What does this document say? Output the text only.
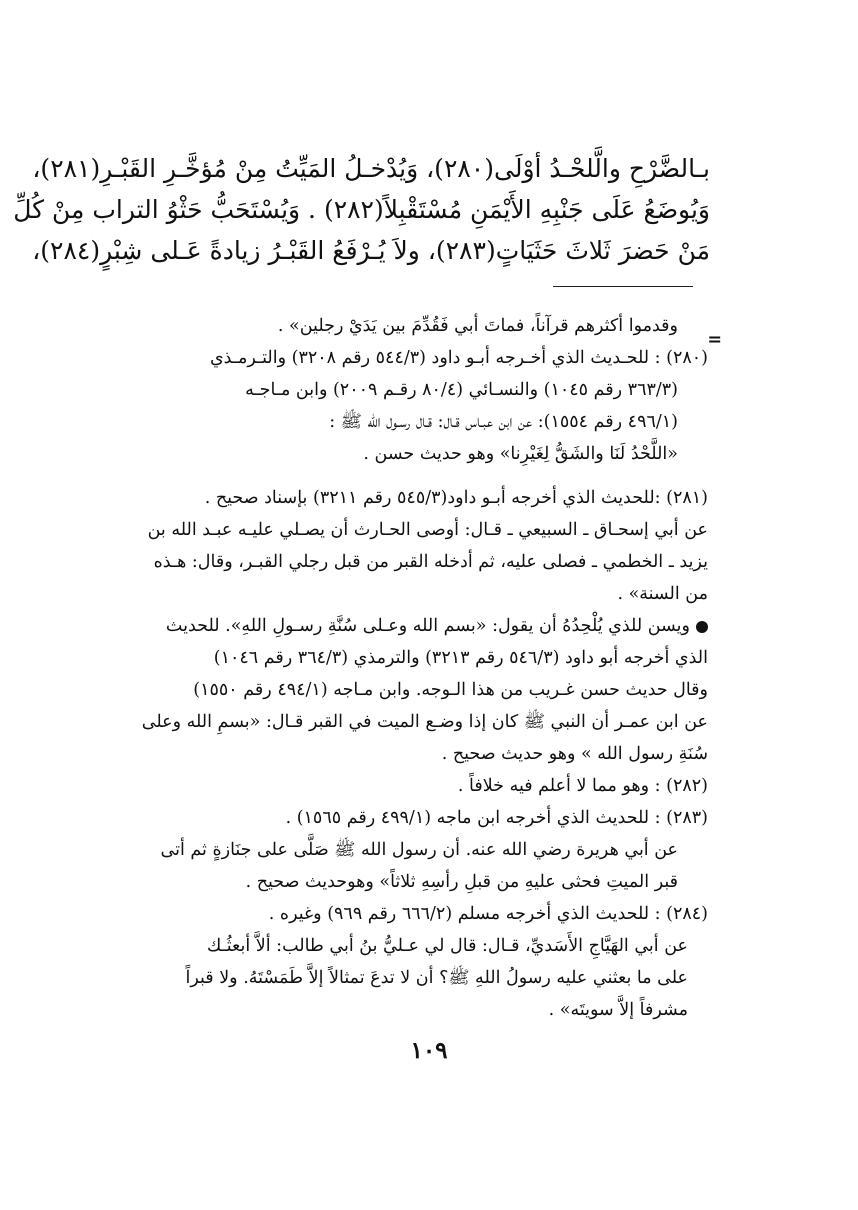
بـالضَّرْحِ والَّلحْـدُ أوْلَى(٢٨٠)، وَيُدْخـلُ المَيِّتُ مِنْ مُؤخَّـرِ القَبْـرِ(٢٨١)،
وَيُوضَعُ عَلَى جَنْبِهِ الأَيْمَنِ مُسْتَقْبِلاً(٢٨٢) . وَيُسْتَحَبُّ حَثْوُ التراب مِنْ كُلِّ
مَنْ حَضرَ ثَلاثَ حَثَيَاتٍ(٢٨٣)، ولاَ يُـرْفَعُ القَبْـرُ زيادةً عَـلى شِبْرٍ(٢٨٤)،
=
وقدموا أكثرهم قرآناً، فماتَ أبي فَقُدِّمَ بين يَدَيْ رجلين» .
(٢٨٠) : للحـديث الذي أخـرجه أبـو داود (٥٤٤/٣ رقم ٣٢٠٨) والتـرمـذي
(٣٦٣/٣ رقم ١٠٤٥) والنسـائي (٨٠/٤ رقـم ٢٠٠٩) وابن مـاجـه
(٤٩٦/١ رقم ١٥٥٤): عن ابن عبـاس قـال: قـال رسـول الله ﷺ :
«اللَّحْدُ لَنَا والشَقُّ لِغَيْرِنا» وهو حديث حسن .
(٢٨١) :للحديث الذي أخرجه أبـو داود(٥٤٥/٣ رقم ٣٢١١) بإسناد صحيح .
عن أبي إسحـاق ـ السبيعي ـ قـال: أوصى الحـارث أن يصـلي عليـه عبـد الله بن
يزيد ـ الخطمي ـ فصلى عليه، ثم أدخله القبر من قبل رجلي القبـر، وقال: هـذه
من السنة» .
ويسن للذي يُلْحِدُهُ أن يقول: «بسم الله وعـلى سُنَّةِ رسـولِ اللهِ». للحديث
الذي أخرجه أبو داود (٥٤٦/٣ رقم ٣٢١٣) والترمذي (٣٦٤/٣ رقم ١٠٤٦)
وقال حديث حسن غـريب من هذا الـوجه. وابن مـاجه (٤٩٤/١ رقم ١٥٥٠)
عن ابن عمـر أن النبي ﷺ كان إذا وضـع الميت في القبر قـال: «بسمِ الله وعلى
سُنَةِ رسول الله » وهو حديث صحيح .
(٢٨٢) : وهو مما لا أعلم فيه خلافاً .
(٢٨٣) : للحديث الذي أخرجه ابن ماجه (٤٩٩/١ رقم ١٥٦٥) .
عن أبي هريرة رضي الله عنه. أن رسول الله ﷺ صَلَّى على جنَازةٍ ثم أتى
قبر الميتِ فحثى عليهِ من قبلِ رأسِهِ ثلاثاً» وهوحديث صحيح .
(٢٨٤) : للحديث الذي أخرجه مسلم (٦٦٦/٢ رقم ٩٦٩) وغيره .
عن أبي الهَيَّاجِ الأَسَديِّ، قـال: قال لي عـليُّ بنُ أبي طالب: ألاَّ أبعثُـك
على ما بعثني عليه رسولُ اللهِ ﷺ؟ أن لا تدعَ تمثالاً إلاَّ طَمَسْتَهُ. ولا قبراً
مشرفاً إلاَّ سويتَه» .
١٠٩
